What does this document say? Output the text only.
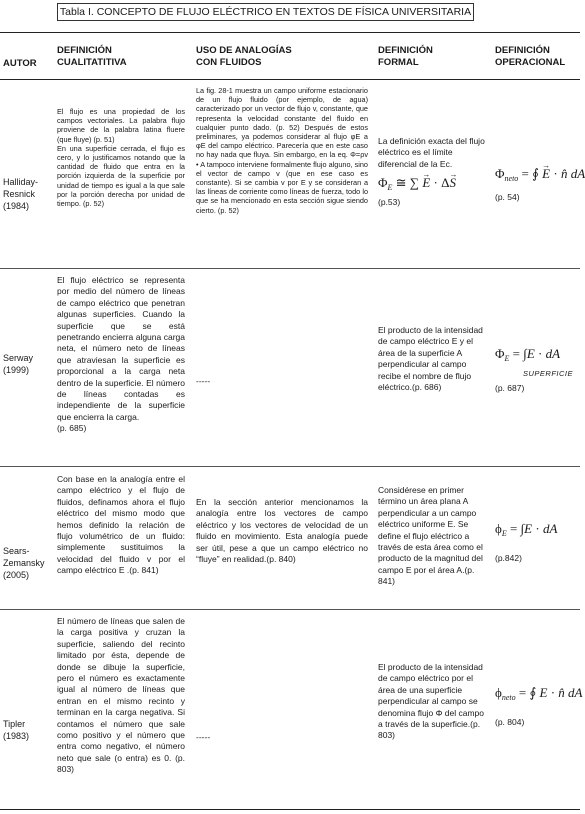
Tabla I. CONCEPTO DE FLUJO ELÉCTRICO EN TEXTOS DE FÍSICA UNIVERSITARIA
AUTOR
DEFINICIÓN
CUALITATITIVA
USO DE ANALOGÍAS
CON FLUIDOS
DEFINICIÓN
FORMAL
DEFINICIÓN
OPERACIONAL
Halliday-
Resnick
(1984)

El flujo es una propiedad de los campos vectoriales. La palabra flujo proviene de la palabra latina fluere (que fluye) (p. 51)

En una superficie cerrada, el flujo es cero, y lo justificamos notando que la cantidad de fluido que entra en la porción izquierda de la superficie por unidad de tiempo es igual a la que sale por la porción derecha por unidad de tiempo. (p. 52)

La fig. 28-1 muestra un campo uniforme estacionario de un flujo fluido (por ejemplo, de agua) caracterizado por un vector de flujo v, constante, que representa la velocidad constante del fluido en cualquier punto dado. (p. 52) Después de estos preliminares, ya podemos considerar al flujo φE a φE del campo eléctrico. Parecería que en este caso no hay nada que fluya. Sin embargo, en la eq. Φ=ρv • A tampoco interviene formalmente flujo alguno, sino el vector de campo v (que en ese caso es constante). Si se cambia v por E y se consideran a las líneas de corriente como líneas de fuerza, todo lo que se ha mencionado en esta sección sigue siendo cierto. (p. 52)
La definición exacta del flujo eléctrico es el límite diferencial de la Ec.
$\Phi_E$ ≅ ∑ → E · Δ→ S
(p.53)
$\Phi_{neto}$ = ∮ → E · n̂ dA
(p. 54)
Serway
(1999)

El flujo eléctrico se representa por medio del número de líneas de campo eléctrico que penetran algunas superficies. Cuando la superficie que se está penetrando encierra alguna carga neta, el número neto de líneas que atraviesan la superficie es proporcional a la carga neta dentro de la superficie. El número de líneas contadas es independiente de la superficie que encierra la carga.

(p. 685)

-----
El producto de la intensidad de campo eléctrico E y el área de la superficie A perpendicular al campo recibe el nombre de flujo eléctrico.(p. 686)
$\Phi_E = \int E$ · dA
SUPERFICIE
(p. 687)
Sears-
Zemansky
(2005)
Con base en la analogía entre el campo eléctrico y el flujo de fluidos, definamos ahora el flujo eléctrico del mismo modo que hemos definido la relación de flujo volumétrico de un fluido: simplemente sustituimos la velocidad del fluido v por el campo eléctrico E .(p. 841)
En la sección anterior mencionamos la analogía entre los vectores de campo eléctrico y los vectores de velocidad de un fluido en movimiento. Esta analogía puede ser útil, pese a que un campo eléctrico no “fluye” en realidad.(p. 840)
Considérese en primer término un área plana A perpendicular a un campo eléctrico uniforme E. Se define el flujo eléctrico a través de esta área como el producto de la magnitud del campo E por el área A.(p. 841)
$\phi_E = \int E$ · dA
(p.842)
Tipler
(1983)
El número de líneas que salen de la carga positiva y cruzan la superficie, saliendo del recinto limitado por ésta, depende de donde se dibuje la superficie, pero el número es exactamente igual al número de líneas que entran en el mismo recinto y terminan en la carga negativa. Si contamos el número que sale como positivo y el número que entra como negativo, el número neto que sale (o entra) es 0. (p. 803)
-----
El producto de la intensidad de campo eléctrico por el área de una superficie perpendicular al campo se denomina flujo Φ del campo a través de la superficie.(p. 803)
$\phi_{neto}$ = ∮ E · n̂ dA
(p. 804)
